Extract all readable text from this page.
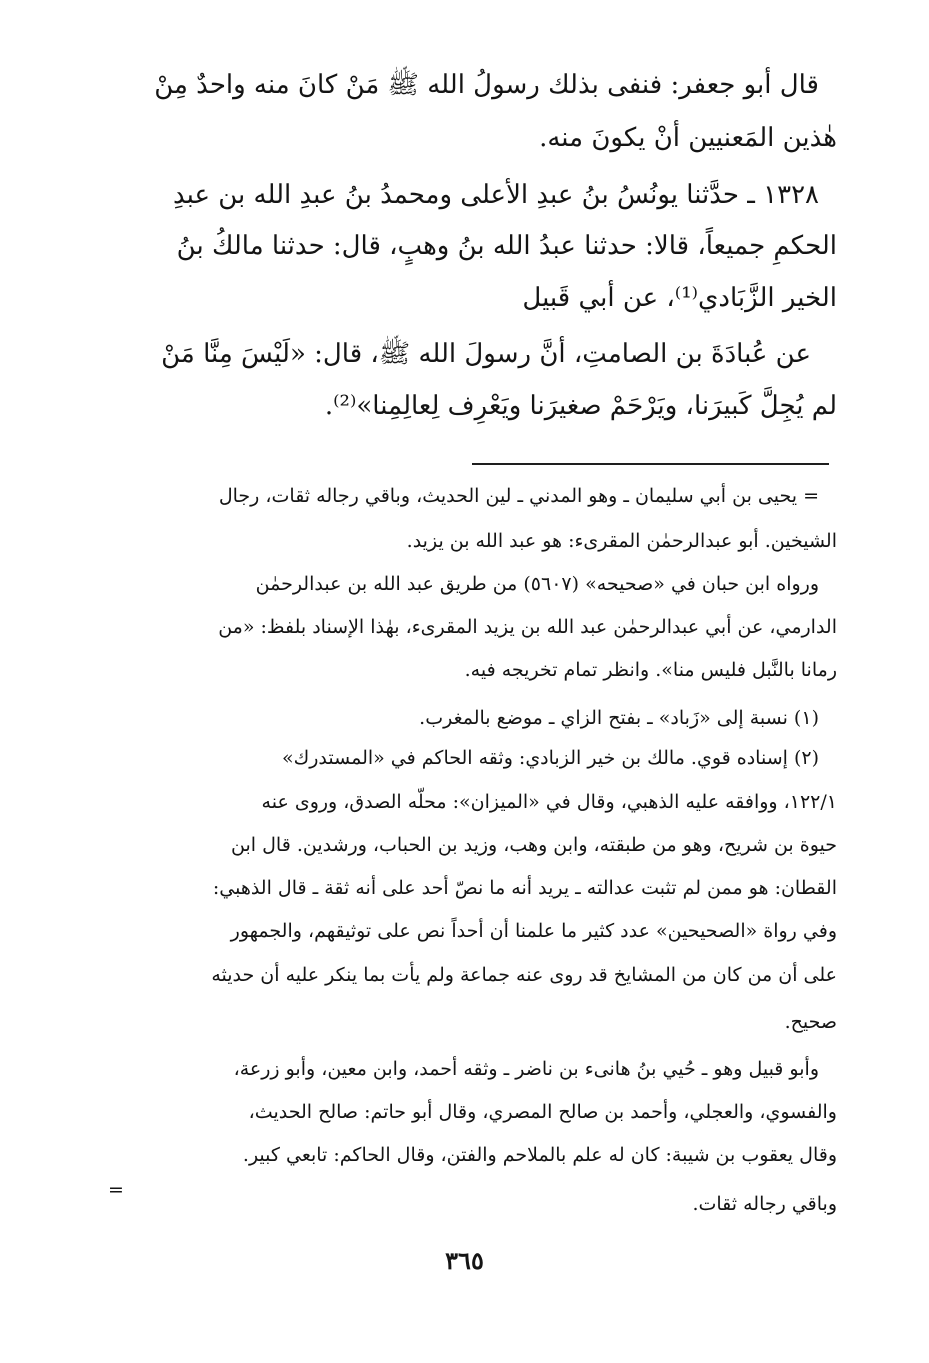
قال أبو جعفر: فنفى بذلك رسولُ الله ﷺ مَنْ كانَ منه واحدٌ مِنْ
هٰذين المَعنيين أنْ يكونَ منه.
١٣٢٨ ـ حدَّثنا يونُسُ بنُ عبدِ الأعلى ومحمدُ بنُ عبدِ الله بن عبدِ
الحكمِ جميعاً، قالا: حدثنا عبدُ الله بنُ وهبٍ، قال: حدثنا مالكُ بنُ
الخير الزَّبَادي⁽¹⁾، عن أبي قَبيل
عن عُبادَةَ بن الصامتِ، أنَّ رسولَ الله ﷺ، قال: «لَيْسَ مِنَّا مَنْ
لم يُجِلَّ كَبيرَنا، ويَرْحَمْ صغيرَنا ويَعْرِف لِعالِمِنا»⁽²⁾.
= يحيى بن أبي سليمان ـ وهو المدني ـ لين الحديث، وباقي رجاله ثقات، رجال
الشيخين. أبو عبدالرحمٰن المقرىء: هو عبد الله بن يزيد.
ورواه ابن حبان في «صحيحه» (٥٦٠٧) من طريق عبد الله بن عبدالرحمٰن
الدارمي، عن أبي عبدالرحمٰن عبد الله بن يزيد المقرىء، بهٰذا الإسناد بلفظ: «من
رمانا بالنَّبل فليس منا». وانظر تمام تخريجه فيه.
(١) نسبة إلى «زَباد» ـ بفتح الزاي ـ موضع بالمغرب.
(٢) إسناده قوي. مالك بن خير الزبادي: وثقه الحاكم في «المستدرك»
١٢٢/١، ووافقه عليه الذهبي، وقال في «الميزان»: محلّه الصدق، وروى عنه
حيوة بن شريح، وهو من طبقته، وابن وهب، وزيد بن الحباب، ورشدين. قال ابن
القطان: هو ممن لم تثبت عدالته ـ يريد أنه ما نصّ أحد على أنه ثقة ـ قال الذهبي:
وفي رواة «الصحيحين» عدد كثير ما علمنا أن أحداً نص على توثيقهم، والجمهور
على أن من كان من المشايخ قد روى عنه جماعة ولم يأت بما ينكر عليه أن حديثه
صحيح.
وأبو قبيل وهو ـ حُيي بنُ هانىء بن ناضر ـ وثقه أحمد، وابن معين، وأبو زرعة،
والفسوي، والعجلي، وأحمد بن صالح المصري، وقال أبو حاتم: صالح الحديث،
وقال يعقوب بن شيبة: كان له علم بالملاحم والفتن، وقال الحاكم: تابعي كبير.
وباقي رجاله ثقات.
=
٣٦٥
